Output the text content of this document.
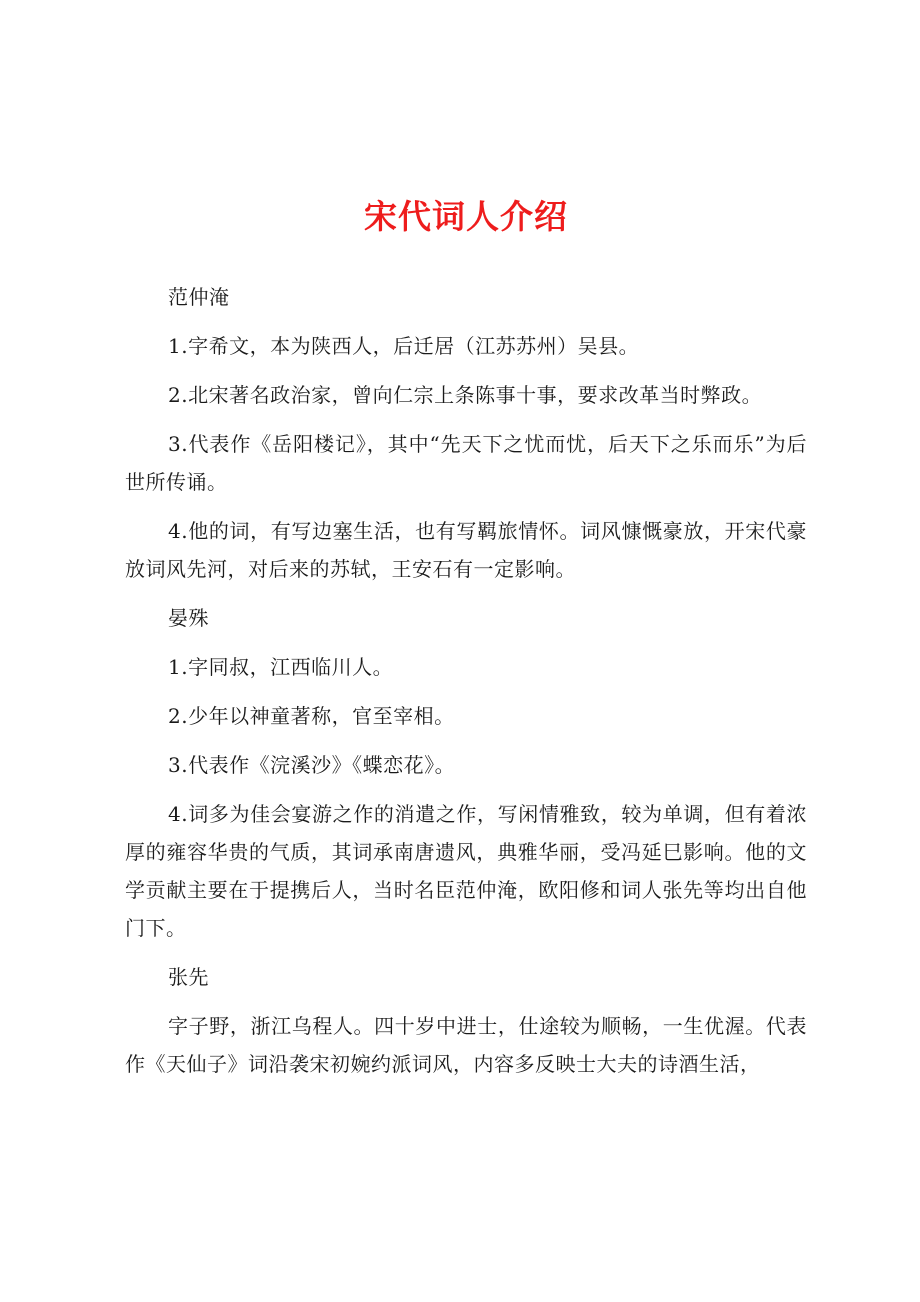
宋代词人介绍

范仲淹

1.字希文，本为陕西人，后迁居（江苏苏州）吴县。

2.北宋著名政治家，曾向仁宗上条陈事十事，要求改革当时弊政。

3.代表作《岳阳楼记》，其中“先天下之忧而忧，后天下之乐而乐”为后世所传诵。

4.他的词，有写边塞生活，也有写羁旅情怀。词风慷慨豪放，开宋代豪放词风先河，对后来的苏轼，王安石有一定影响。

晏殊

1.字同叔，江西临川人。

2.少年以神童著称，官至宰相。

3.代表作《浣溪沙》《蝶恋花》。

4.词多为佳会宴游之作的消遣之作，写闲情雅致，较为单调，但有着浓厚的雍容华贵的气质，其词承南唐遗风，典雅华丽，受冯延巳影响。他的文学贡献主要在于提携后人，当时名臣范仲淹，欧阳修和词人张先等均出自他门下。

张先

字子野，浙江乌程人。四十岁中进士，仕途较为顺畅，一生优渥。代表作《天仙子》词沿袭宋初婉约派词风，内容多反映士大夫的诗酒生活，
